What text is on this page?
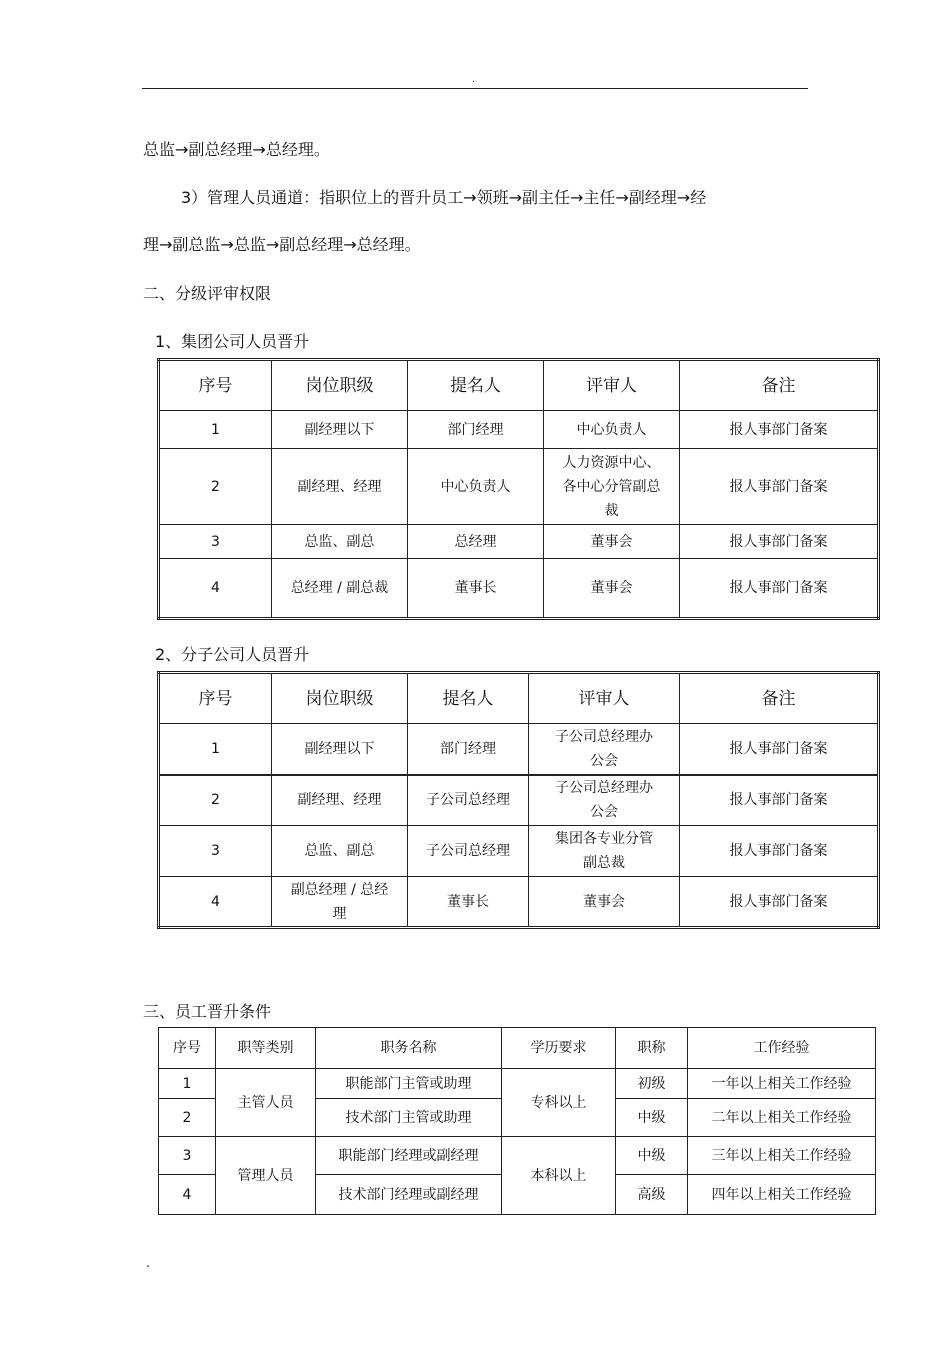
.
总监→副总经理→总经理。
3）管理人员通道：指职位上的晋升员工→领班→副主任→主任→副经理→经
理→副总监→总监→副总经理→总经理。
二、分级评审权限
1、集团公司人员晋升
序号	岗位职级	提名人	评审人	备注
1	副经理以下	部门经理	中心负责人	报人事部门备案
2	副经理、经理	中心负责人	人力资源中心、
各中心分管副总
裁	报人事部门备案
3	总监、副总	总经理	董事会	报人事部门备案
4	总经理 / 副总裁	董事长	董事会	报人事部门备案
2、分子公司人员晋升
序号	岗位职级	提名人	评审人	备注
1	副经理以下	部门经理	子公司总经理办
公会	报人事部门备案
2	副经理、经理	子公司总经理	子公司总经理办
公会	报人事部门备案
3	总监、副总	子公司总经理	集团各专业分管
副总裁	报人事部门备案
4	副总经理 / 总经
理	董事长	董事会	报人事部门备案
三、员工晋升条件
序号	职等类别	职务名称	学历要求	职称	工作经验
1	主管人员	职能部门主管或助理	专科以上	初级	一年以上相关工作经验
2		技术部门主管或助理		中级	二年以上相关工作经验
3	管理人员	职能部门经理或副经理	本科以上	中级	三年以上相关工作经验
4		技术部门经理或副经理		高级	四年以上相关工作经验
.
